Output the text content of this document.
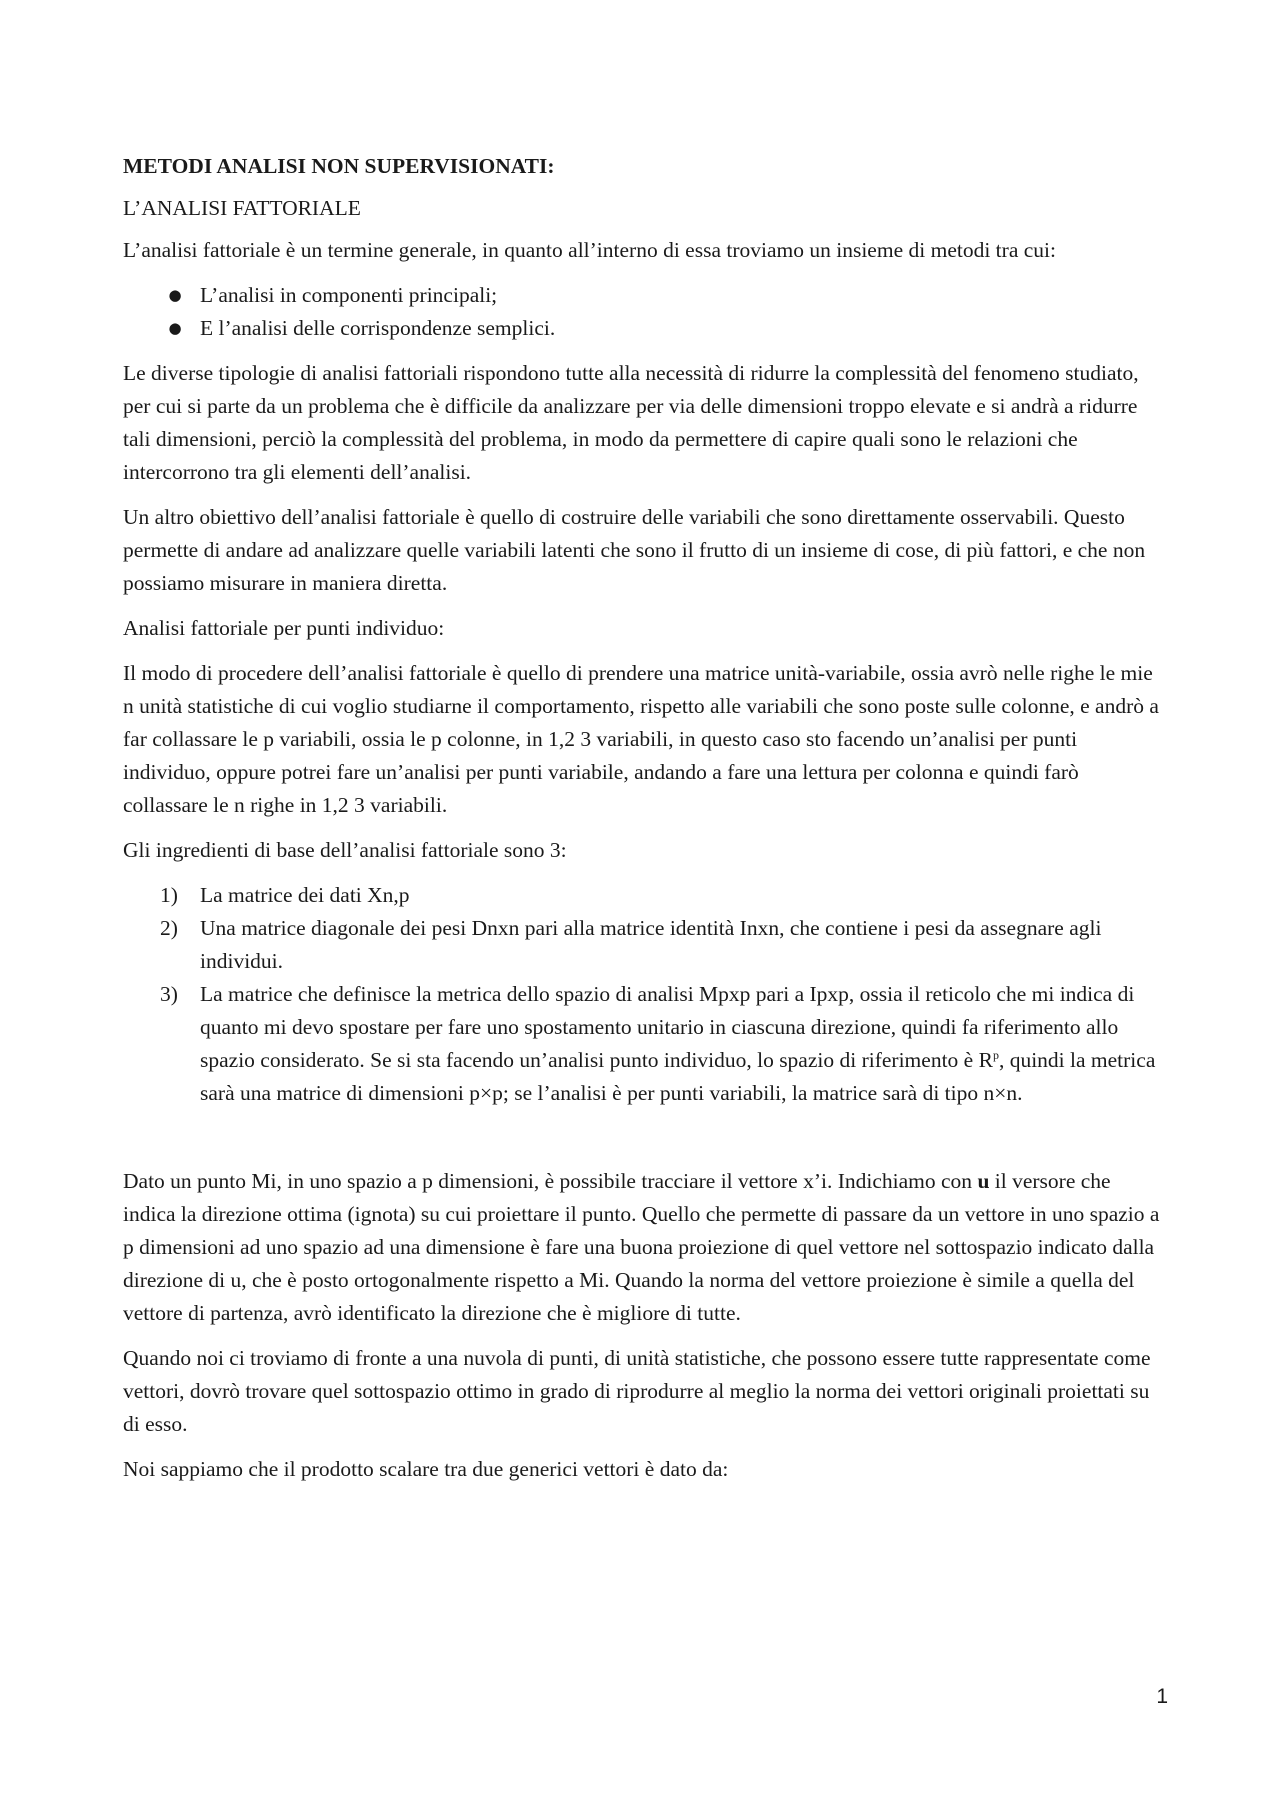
METODI ANALISI NON SUPERVISIONATI:
L’ANALISI FATTORIALE

L’analisi fattoriale è un termine generale, in quanto all’interno di essa troviamo un insieme di metodi tra cui:

● L’analisi in componenti principali;
● E l’analisi delle corrispondenze semplici.

Le diverse tipologie di analisi fattoriali rispondono tutte alla necessità di ridurre la complessità del fenomeno studiato, per cui si parte da un problema che è difficile da analizzare per via delle dimensioni troppo elevate e si andrà a ridurre tali dimensioni, perciò la complessità del problema, in modo da permettere di capire quali sono le relazioni che intercorrono tra gli elementi dell’analisi.

Un altro obiettivo dell’analisi fattoriale è quello di costruire delle variabili che sono direttamente osservabili. Questo permette di andare ad analizzare quelle variabili latenti che sono il frutto di un insieme di cose, di più fattori, e che non possiamo misurare in maniera diretta.

Analisi fattoriale per punti individuo:

Il modo di procedere dell’analisi fattoriale è quello di prendere una matrice unità-variabile, ossia avrò nelle righe le mie n unità statistiche di cui voglio studiarne il comportamento, rispetto alle variabili che sono poste sulle colonne, e andrò a far collassare le p variabili, ossia le p colonne, in 1,2 3 variabili, in questo caso sto facendo un’analisi per punti individuo, oppure potrei fare un’analisi per punti variabile, andando a fare una lettura per colonna e quindi farò collassare le n righe in 1,2 3 variabili.

Gli ingredienti di base dell’analisi fattoriale sono 3:

1) La matrice dei dati Xn,p
2) Una matrice diagonale dei pesi Dnxn pari alla matrice identità Inxn, che contiene i pesi da assegnare agli individui.
3) La matrice che definisce la metrica dello spazio di analisi Mpxp pari a Ipxp, ossia il reticolo che mi indica di quanto mi devo spostare per fare uno spostamento unitario in ciascuna direzione, quindi fa riferimento allo spazio considerato. Se si sta facendo un’analisi punto individuo, lo spazio di riferimento è $R^p$, quindi la metrica sarà una matrice di dimensioni p×p; se l’analisi è per punti variabili, la matrice sarà di tipo n×n.

Dato un punto Mi, in uno spazio a p dimensioni, è possibile tracciare il vettore x’i. Indichiamo con u il versore che indica la direzione ottima (ignota) su cui proiettare il punto. Quello che permette di passare da un vettore in uno spazio a p dimensioni ad uno spazio ad una dimensione è fare una buona proiezione di quel vettore nel sottospazio indicato dalla direzione di u, che è posto ortogonalmente rispetto a Mi. Quando la norma del vettore proiezione è simile a quella del vettore di partenza, avrò identificato la direzione che è migliore di tutte.

Quando noi ci troviamo di fronte a una nuvola di punti, di unità statistiche, che possono essere tutte rappresentate come vettori, dovrò trovare quel sottospazio ottimo in grado di riprodurre al meglio la norma dei vettori originali proiettati su di esso.

Noi sappiamo che il prodotto scalare tra due generici vettori è dato da:

1
